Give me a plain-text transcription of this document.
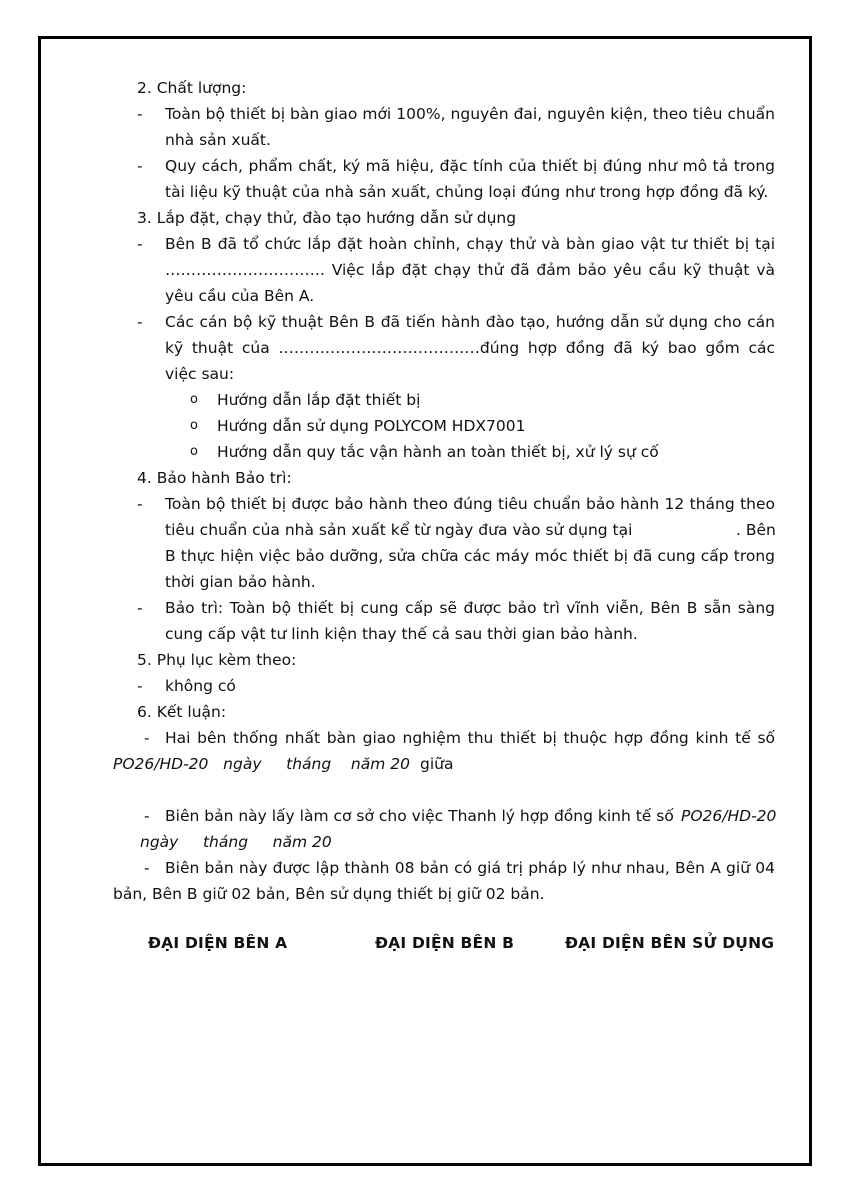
2. Chất lượng:
- Toàn bộ thiết bị bàn giao mới 100%, nguyên đai, nguyên kiện, theo tiêu chuẩn
nhà sản xuất.
- Quy cách, phẩm chất, ký mã hiệu, đặc tính của thiết bị đúng như mô tả trong
tài liệu kỹ thuật của nhà sản xuất, chủng loại đúng như trong hợp đồng đã ký.
3. Lắp đặt, chạy thử, đào tạo hướng dẫn sử dụng
- Bên B đã tổ chức lắp đặt hoàn chỉnh, chạy thử và bàn giao vật tư thiết bị tại
…………………………. Việc lắp đặt chạy thử đã đảm bảo yêu cầu kỹ thuật và
yêu cầu của Bên A.
- Các cán bộ kỹ thuật Bên B đã tiến hành đào tạo, hướng dẫn sử dụng cho cán
kỹ thuật của …………………………………đúng hợp đồng đã ký bao gồm các
việc sau:
o Hướng dẫn lắp đặt thiết bị
o Hướng dẫn sử dụng POLYCOM HDX7001
o Hướng dẫn quy tắc vận hành an toàn thiết bị, xử lý sự cố
4. Bảo hành Bảo trì:
- Toàn bộ thiết bị được bảo hành theo đúng tiêu chuẩn bảo hành 12 tháng theo
tiêu chuẩn của nhà sản xuất kể từ ngày đưa vào sử dụng tại	. Bên
B thực hiện việc bảo dưỡng, sửa chữa các máy móc thiết bị đã cung cấp trong
thời gian bảo hành.
- Bảo trì: Toàn bộ thiết bị cung cấp sẽ được bảo trì vĩnh viễn, Bên B sẵn sàng
cung cấp vật tư linh kiện thay thế cả sau thời gian bảo hành.
5. Phụ lục kèm theo:
- không có
6. Kết luận:
- Hai bên thống nhất bàn giao nghiệm thu thiết bị thuộc hợp đồng kinh tế số
PO26/HD-20   ngày     tháng    năm 20 giữa
- Biên bản này lấy làm cơ sở cho việc Thanh lý hợp đồng kinh tế số PO26/HD-20
ngày     tháng     năm 20
- Biên bản này được lập thành 08 bản có giá trị pháp lý như nhau, Bên A giữ 04
bản, Bên B giữ 02 bản, Bên sử dụng thiết bị giữ 02 bản.
ĐẠI DIỆN BÊN A	ĐẠI DIỆN BÊN B	ĐẠI DIỆN BÊN SỬ DỤNG
